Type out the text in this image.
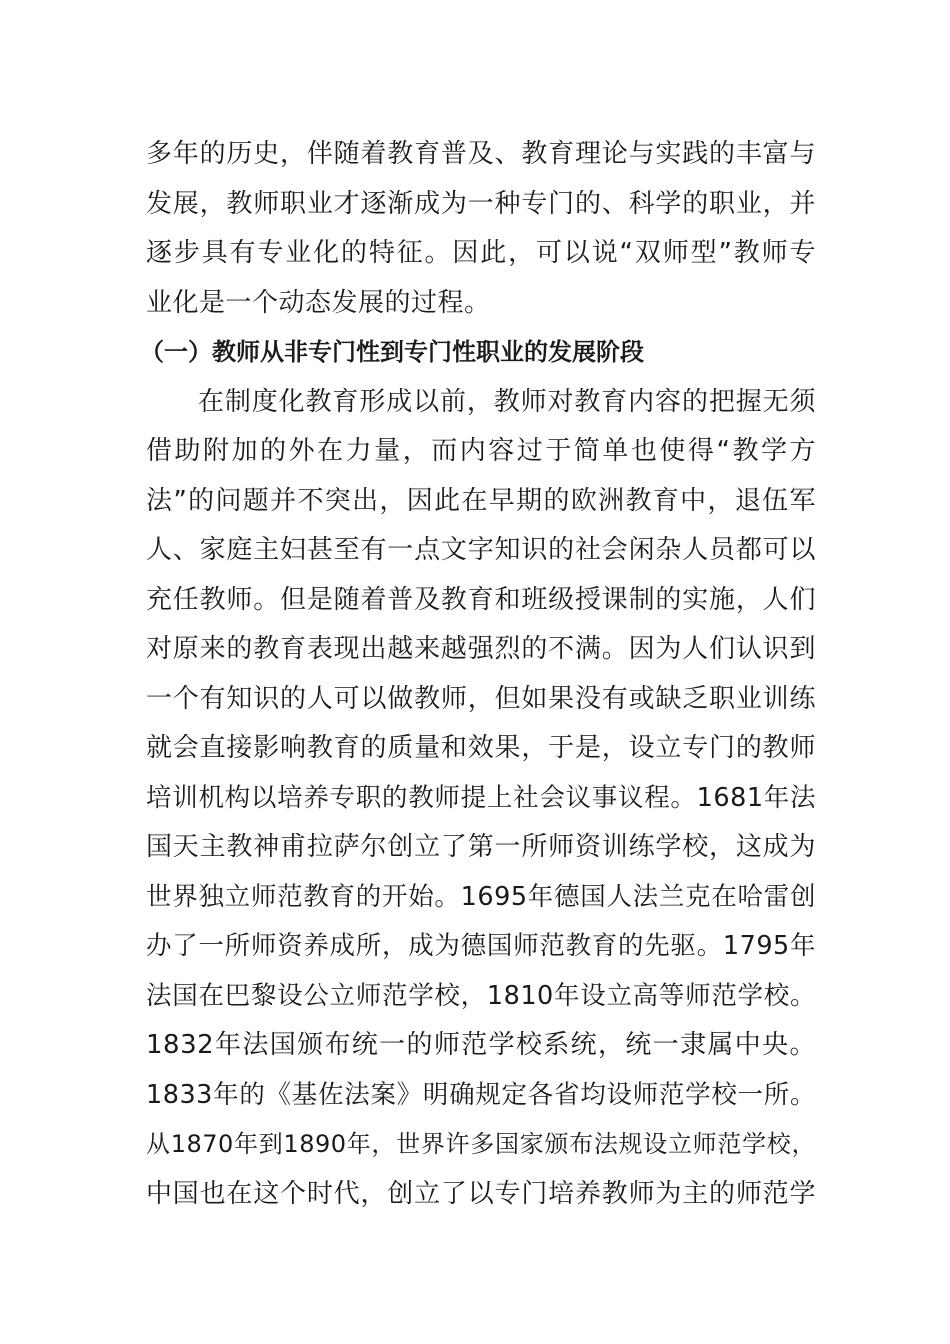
多年的历史，伴随着教育普及、教育理论与实践的丰富与
发展，教师职业才逐渐成为一种专门的、科学的职业，并
逐步具有专业化的特征。因此，可以说“双师型”教师专
业化是一个动态发展的过程。
（一）教师从非专门性到专门性职业的发展阶段
在制度化教育形成以前，教师对教育内容的把握无须
借助附加的外在力量，而内容过于简单也使得“教学方
法”的问题并不突出，因此在早期的欧洲教育中，退伍军
人、家庭主妇甚至有一点文字知识的社会闲杂人员都可以
充任教师。但是随着普及教育和班级授课制的实施，人们
对原来的教育表现出越来越强烈的不满。因为人们认识到
一个有知识的人可以做教师，但如果没有或缺乏职业训练
就会直接影响教育的质量和效果，于是，设立专门的教师
培训机构以培养专职的教师提上社会议事议程。1681年法
国天主教神甫拉萨尔创立了第一所师资训练学校，这成为
世界独立师范教育的开始。1695年德国人法兰克在哈雷创
办了一所师资养成所，成为德国师范教育的先驱。1795年
法国在巴黎设公立师范学校，1810年设立高等师范学校。
1832年法国颁布统一的师范学校系统，统一隶属中央。
1833年的《基佐法案》明确规定各省均设师范学校一所。
从1870年到1890年，世界许多国家颁布法规设立师范学校，
中国也在这个时代，创立了以专门培养教师为主的师范学
